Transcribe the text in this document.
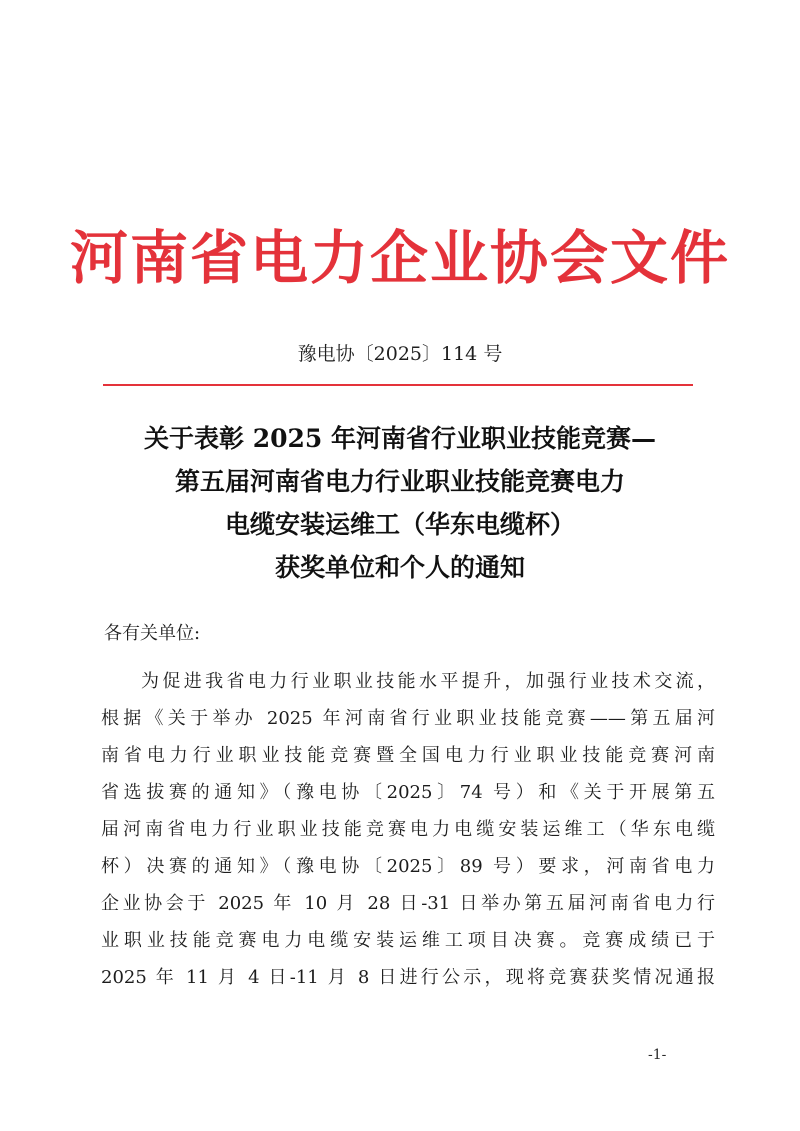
河南省电力企业协会文件
豫电协〔2025〕114 号
关于表彰 2025 年河南省行业职业技能竞赛—
第五届河南省电力行业职业技能竞赛电力
电缆安装运维工（华东电缆杯）
获奖单位和个人的通知
各有关单位:
为促进我省电力行业职业技能水平提升，加强行业技术交流，
根据《关于举办 2025 年河南省行业职业技能竞赛——第五届河
南省电力行业职业技能竞赛暨全国电力行业职业技能竞赛河南
省选拔赛的通知》（豫电协〔2025〕74 号）和《关于开展第五
届河南省电力行业职业技能竞赛电力电缆安装运维工（华东电缆
杯）决赛的通知》（豫电协〔2025〕89 号）要求，河南省电力
企业协会于 2025 年 10 月 28 日-31 日举办第五届河南省电力行
业职业技能竞赛电力电缆安装运维工项目决赛。竞赛成绩已于
2025 年 11 月 4 日-11 月 8 日进行公示，现将竞赛获奖情况通报
-1-
